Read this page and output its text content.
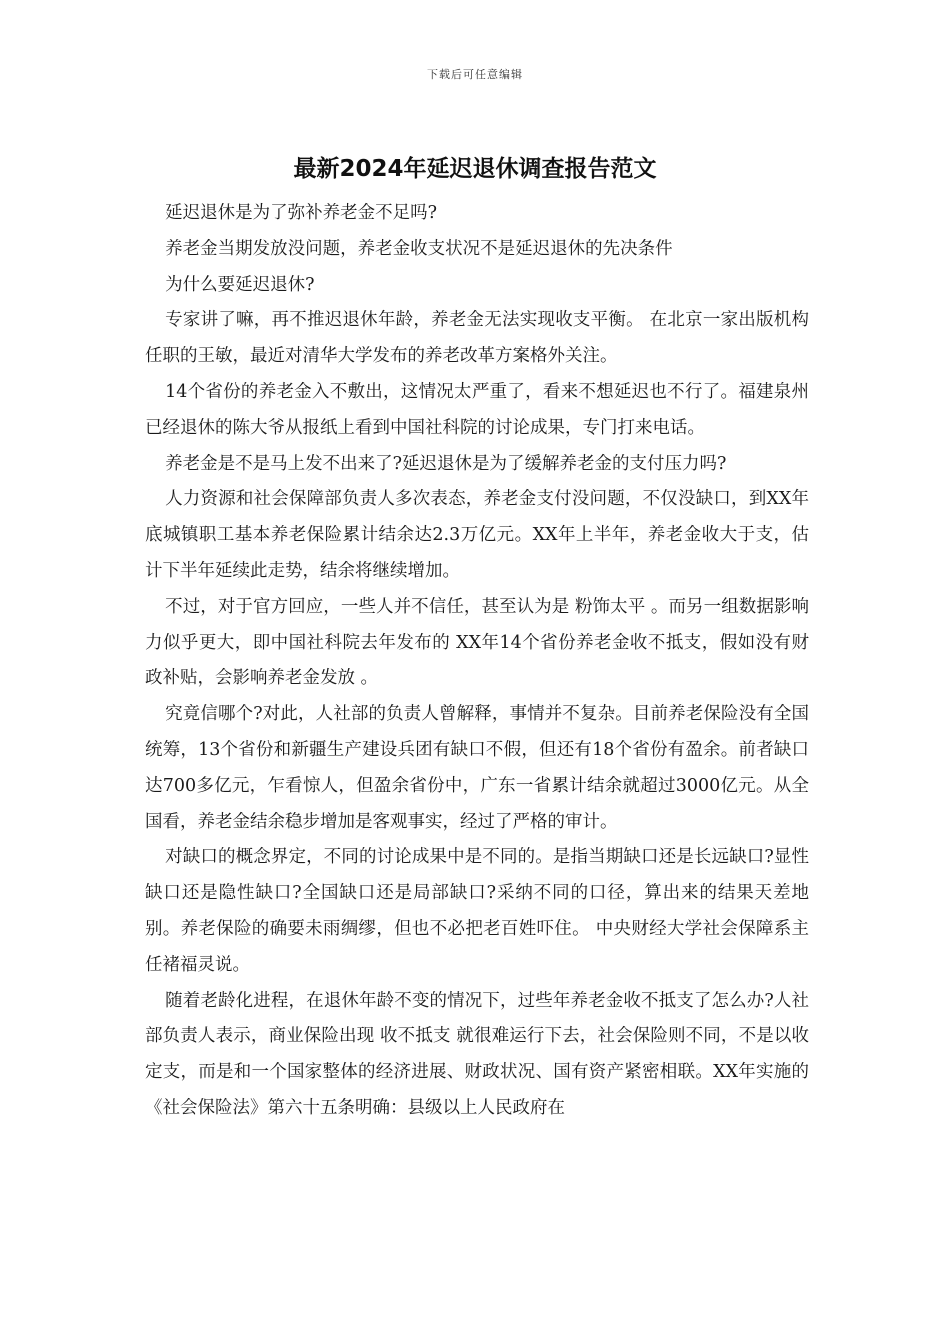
下载后可任意编辑
最新2024年延迟退休调查报告范文

延迟退休是为了弥补养老金不足吗?

养老金当期发放没问题，养老金收支状况不是延迟退休的先决条件

为什么要延迟退休?

专家讲了嘛，再不推迟退休年龄，养老金无法实现收支平衡。 在北京一家出版机构任职的王敏，最近对清华大学发布的养老改革方案格外关注。

14个省份的养老金入不敷出，这情况太严重了，看来不想延迟也不行了。福建泉州已经退休的陈大爷从报纸上看到中国社科院的讨论成果，专门打来电话。

养老金是不是马上发不出来了?延迟退休是为了缓解养老金的支付压力吗?

人力资源和社会保障部负责人多次表态，养老金支付没问题，不仅没缺口，到XX年底城镇职工基本养老保险累计结余达2.3万亿元。XX年上半年，养老金收大于支，估计下半年延续此走势，结余将继续增加。

不过，对于官方回应，一些人并不信任，甚至认为是 粉饰太平 。而另一组数据影响力似乎更大，即中国社科院去年发布的 XX年14个省份养老金收不抵支，假如没有财政补贴，会影响养老金发放 。

究竟信哪个?对此，人社部的负责人曾解释，事情并不复杂。目前养老保险没有全国统筹，13个省份和新疆生产建设兵团有缺口不假，但还有18个省份有盈余。前者缺口达700多亿元，乍看惊人，但盈余省份中，广东一省累计结余就超过3000亿元。从全国看，养老金结余稳步增加是客观事实，经过了严格的审计。

对缺口的概念界定，不同的讨论成果中是不同的。是指当期缺口还是长远缺口?显性缺口还是隐性缺口?全国缺口还是局部缺口?采纳不同的口径，算出来的结果天差地别。养老保险的确要未雨绸缪，但也不必把老百姓吓住。 中央财经大学社会保障系主任褚福灵说。

随着老龄化进程，在退休年龄不变的情况下，过些年养老金收不抵支了怎么办?人社部负责人表示，商业保险出现 收不抵支 就很难运行下去，社会保险则不同，不是以收定支，而是和一个国家整体的经济进展、财政状况、国有资产紧密相联。XX年实施的《社会保险法》第六十五条明确：县级以上人民政府在
